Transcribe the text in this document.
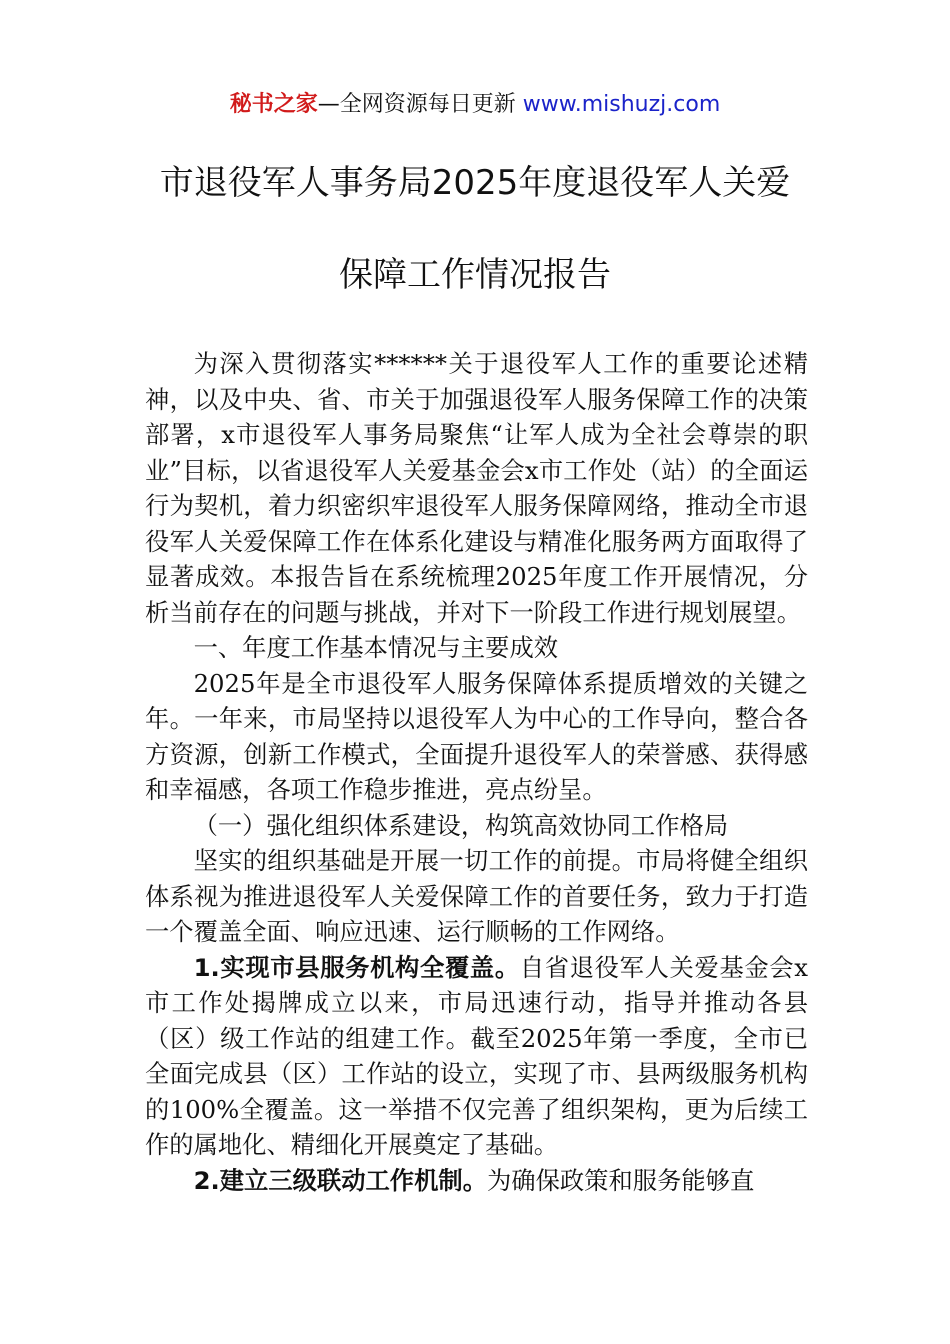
秘书之家—全网资源每日更新 www.mishuzj.com
市退役军人事务局2025年度退役军人关爱
保障工作情况报告

为深入贯彻落实******关于退役军人工作的重要论述精神，以及中央、省、市关于加强退役军人服务保障工作的决策部署，x市退役军人事务局聚焦“让军人成为全社会尊崇的职业”目标，以省退役军人关爱基金会x市工作处（站）的全面运行为契机，着力织密织牢退役军人服务保障网络，推动全市退役军人关爱保障工作在体系化建设与精准化服务两方面取得了显著成效。本报告旨在系统梳理2025年度工作开展情况，分析当前存在的问题与挑战，并对下一阶段工作进行规划展望。

一、年度工作基本情况与主要成效

2025年是全市退役军人服务保障体系提质增效的关键之年。一年来，市局坚持以退役军人为中心的工作导向，整合各方资源，创新工作模式，全面提升退役军人的荣誉感、获得感和幸福感，各项工作稳步推进，亮点纷呈。

（一）强化组织体系建设，构筑高效协同工作格局

坚实的组织基础是开展一切工作的前提。市局将健全组织体系视为推进退役军人关爱保障工作的首要任务，致力于打造一个覆盖全面、响应迅速、运行顺畅的工作网络。

1.实现市县服务机构全覆盖。自省退役军人关爱基金会x市工作处揭牌成立以来，市局迅速行动，指导并推动各县（区）级工作站的组建工作。截至2025年第一季度，全市已全面完成县（区）工作站的设立，实现了市、县两级服务机构的100%全覆盖。这一举措不仅完善了组织架构，更为后续工作的属地化、精细化开展奠定了基础。

2.建立三级联动工作机制。为确保政策和服务能够直
